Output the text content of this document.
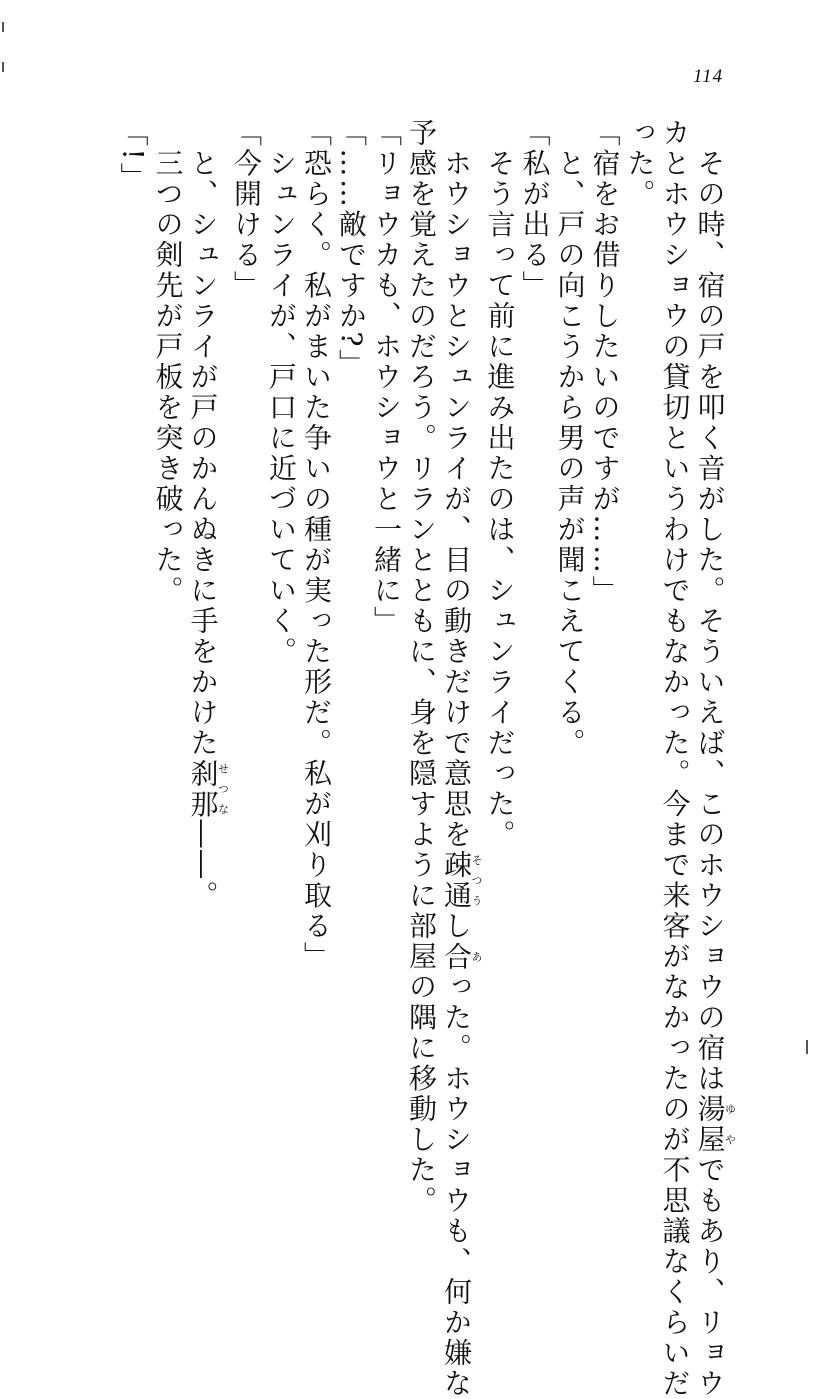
114
　その時、宿の戸を叩く音がした。そういえば、このホウショウの宿は湯屋ゆやでもあり、リョウ
カとホウショウの貸切というわけでもなかった。今まで来客がなかったのが不思議なくらいだ
った。
「宿をお借りしたいのですが……」
　と、戸の向こうから男の声が聞こえてくる。
「私が出る」
　そう言って前に進み出たのは、シュンライだった。
　ホウショウとシュンライが、目の動きだけで意思を疎通そつうし合あった。ホウショウも、何か嫌な
予感を覚えたのだろう。リランとともに、身を隠すように部屋の隅に移動した。
「リョウカも、ホウショウと一緒に」
「……敵ですか?」
「恐らく。私がまいた争いの種が実った形だ。私が刈り取る」
　シュンライが、戸口に近づいていく。
「今開ける」
　と、シュンライが戸のかんぬきに手をかけた刹那せつな――。
　三つの剣先が戸板を突き破った。
「!」
